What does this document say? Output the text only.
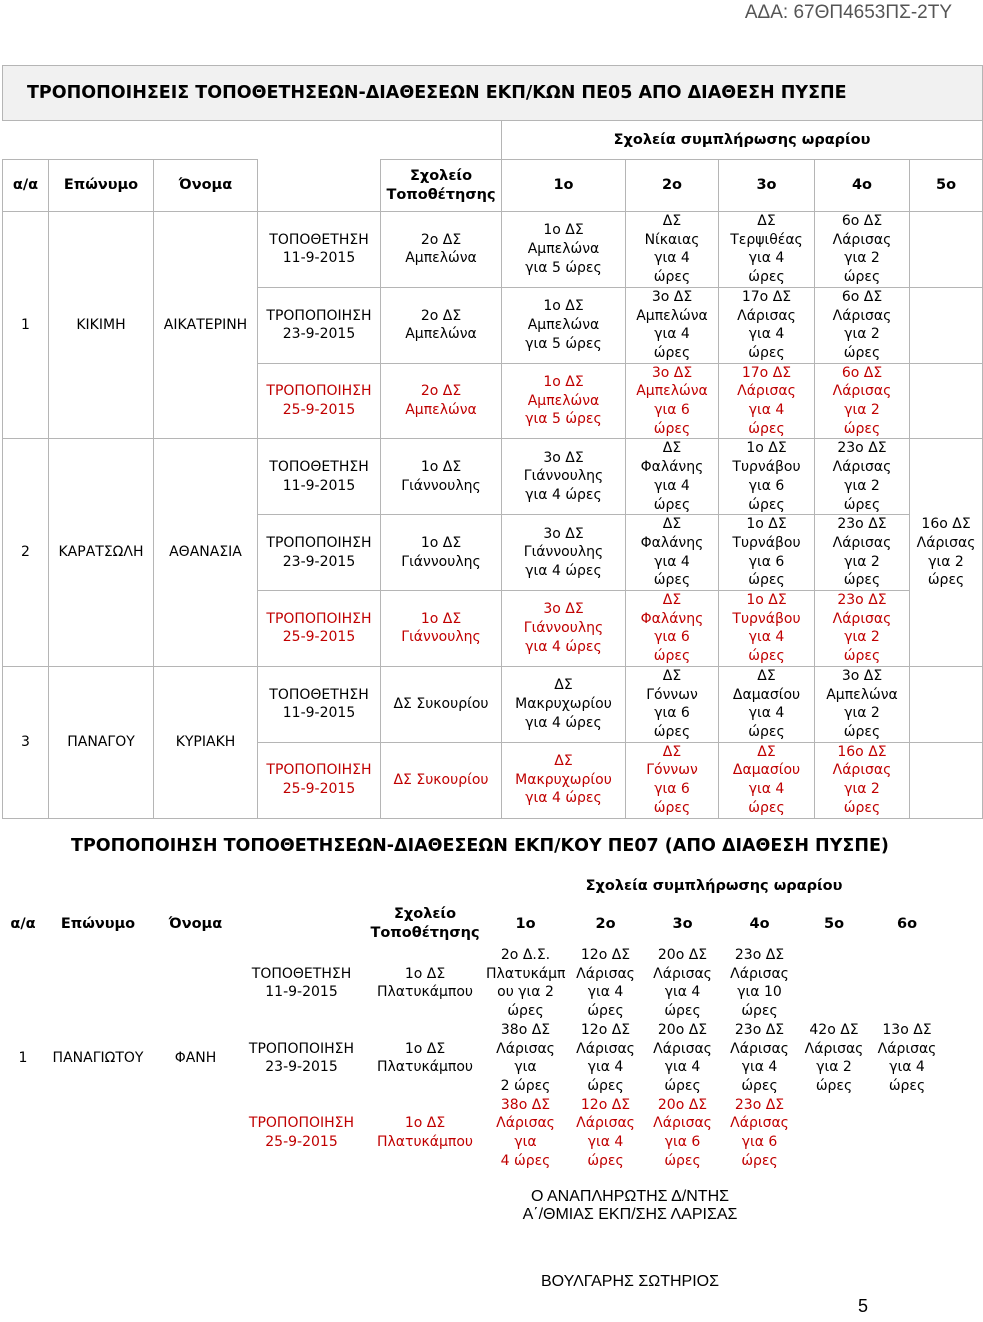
ΑΔΑ: 67ΘΠ4653ΠΣ-2ΤΥ
ΤΡΟΠΟΠΟΙΗΣΕΙΣ ΤΟΠΟΘΕΤΗΣΕΩΝ-ΔΙΑΘΕΣΕΩΝ ΕΚΠ/ΚΩΝ ΠΕ05 ΑΠΟ ΔΙΑΘΕΣΗ ΠΥΣΠΕ									
					Σχολεία συμπλήρωσης ωραρίου				
α/α	Επώνυμο	Όνομα		Σχολείο
Τοποθέτησης	1ο	2ο	3ο	4ο	5ο
1	ΚΙΚΙΜΗ	ΑΙΚΑΤΕΡΙΝΗ	ΤΟΠΟΘΕΤΗΣΗ
11-9-2015	2ο ΔΣ
Αμπελώνα	1ο ΔΣ
Αμπελώνα
για 5 ώρες	ΔΣ
Νίκαιας
για 4
ώρες	ΔΣ
Τερψιθέας
για 4
ώρες	6ο ΔΣ
Λάρισας
για 2
ώρες	
			ΤΡΟΠΟΠΟΙΗΣΗ
23-9-2015	2ο ΔΣ
Αμπελώνα	1ο ΔΣ
Αμπελώνα
για 5 ώρες	3ο ΔΣ
Αμπελώνα
για 4
ώρες	17ο ΔΣ
Λάρισας
για 4
ώρες	6ο ΔΣ
Λάρισας
για 2
ώρες	
			ΤΡΟΠΟΠΟΙΗΣΗ
25-9-2015	2ο ΔΣ
Αμπελώνα	1ο ΔΣ
Αμπελώνα
για 5 ώρες	3ο ΔΣ
Αμπελώνα
για 6
ώρες	17ο ΔΣ
Λάρισας
για 4
ώρες	6ο ΔΣ
Λάρισας
για 2
ώρες	
2	ΚΑΡΑΤΣΩΛΗ	ΑΘΑΝΑΣΙΑ	ΤΟΠΟΘΕΤΗΣΗ
11-9-2015	1ο ΔΣ
Γιάννουλης	3ο ΔΣ
Γιάννουλης
για 4 ώρες	ΔΣ
Φαλάνης
για 4
ώρες	1ο ΔΣ
Τυρνάβου
για 6
ώρες	23ο ΔΣ
Λάρισας
για 2
ώρες	16ο ΔΣ
Λάρισας
για 2
ώρες
			ΤΡΟΠΟΠΟΙΗΣΗ
23-9-2015	1ο ΔΣ
Γιάννουλης	3ο ΔΣ
Γιάννουλης
για 4 ώρες	ΔΣ
Φαλάνης
για 4
ώρες	1ο ΔΣ
Τυρνάβου
για 6
ώρες	23ο ΔΣ
Λάρισας
για 2
ώρες	
			ΤΡΟΠΟΠΟΙΗΣΗ
25-9-2015	1ο ΔΣ
Γιάννουλης	3ο ΔΣ
Γιάννουλης
για 4 ώρες	ΔΣ
Φαλάνης
για 6
ώρες	1ο ΔΣ
Τυρνάβου
για 4
ώρες	23ο ΔΣ
Λάρισας
για 2
ώρες	
3	ΠΑΝΑΓΟΥ	ΚΥΡΙΑΚΗ	ΤΟΠΟΘΕΤΗΣΗ
11-9-2015	ΔΣ Συκουρίου	ΔΣ
Μακρυχωρίου
για 4 ώρες	ΔΣ
Γόννων
για 6
ώρες	ΔΣ
Δαμασίου
για 4
ώρες	3ο ΔΣ
Αμπελώνα
για 2
ώρες	
			ΤΡΟΠΟΠΟΙΗΣΗ
25-9-2015	ΔΣ Συκουρίου	ΔΣ
Μακρυχωρίου
για 4 ώρες	ΔΣ
Γόννων
για 6
ώρες	ΔΣ
Δαμασίου
για 4
ώρες	16ο ΔΣ
Λάρισας
για 2
ώρες	
ΤΡΟΠΟΠΟΙΗΣΗ ΤΟΠΟΘΕΤΗΣΕΩΝ-ΔΙΑΘΕΣΕΩΝ ΕΚΠ/ΚΟΥ ΠΕ07 (ΑΠΟ ΔΙΑΘΕΣΗ ΠΥΣΠΕ)
					Σχολεία συμπλήρωσης ωραρίου					
α/α	Επώνυμο	Όνομα		Σχολείο
Τοποθέτησης	1ο	2ο	3ο	4ο	5ο	6ο
1	ΠΑΝΑΓΙΩΤΟΥ	ΦΑΝΗ	ΤΟΠΟΘΕΤΗΣΗ
11-9-2015	1ο ΔΣ
Πλατυκάμπου	2ο Δ.Σ.
Πλατυκάμπ
ου για 2
ώρες	12ο ΔΣ
Λάρισας
για 4
ώρες	20ο ΔΣ
Λάρισας
για 4
ώρες	23ο ΔΣ
Λάρισας
για 10
ώρες		
			ΤΡΟΠΟΠΟΙΗΣΗ
23-9-2015	1ο ΔΣ
Πλατυκάμπου	38ο ΔΣ
Λάρισας για
2 ώρες	12ο ΔΣ
Λάρισας
για 4
ώρες	20ο ΔΣ
Λάρισας
για 4
ώρες	23ο ΔΣ
Λάρισας
για 4
ώρες	42ο ΔΣ
Λάρισας
για 2
ώρες	13ο ΔΣ
Λάρισας
για 4
ώρες
			ΤΡΟΠΟΠΟΙΗΣΗ
25-9-2015	1ο ΔΣ
Πλατυκάμπου	38ο ΔΣ
Λάρισας για
4 ώρες	12ο ΔΣ
Λάρισας
για 4
ώρες	20ο ΔΣ
Λάρισας
για 6
ώρες	23ο ΔΣ
Λάρισας
για 6
ώρες		
Ο ΑΝΑΠΛΗΡΩΤΗΣ Δ/ΝΤΗΣ
Α΄/ΘΜΙΑΣ ΕΚΠ/ΣΗΣ ΛΑΡΙΣΑΣ
ΒΟΥΛΓΑΡΗΣ ΣΩΤΗΡΙΟΣ
5
